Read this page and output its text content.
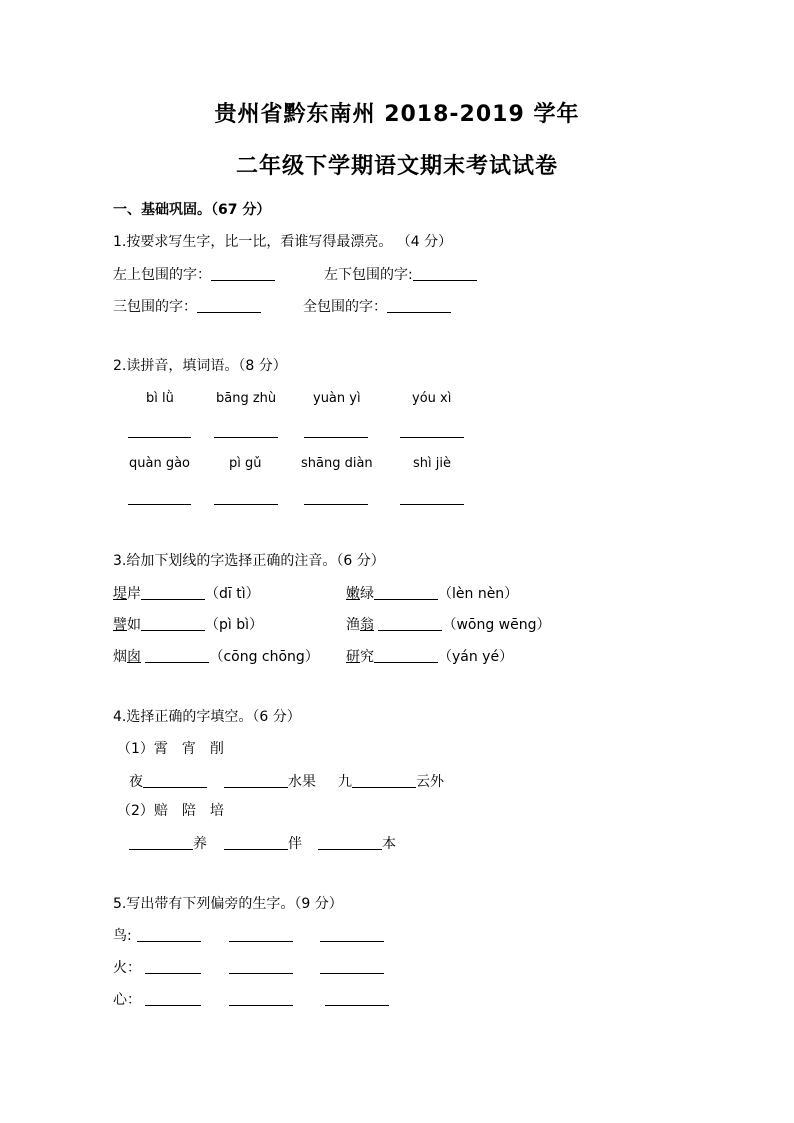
贵州省黔东南州 2018-2019 学年
二年级下学期语文期末考试试卷
一、基础巩固。（67 分）
1.按要求写生字，比一比，看谁写得最漂亮。 （4 分）
左上包围的字：	左下包围的字:
三包围的字：	全包围的字：
2.读拼音，填词语。（8 分）
bì lǜ	bāng zhù	yuàn yì	yóu xì
quàn gào	pì gǔ	shāng diàn	shì jiè
3.给加下划线的字选择正确的注音。（6 分）
堤岸	（dī tì）	嫩绿	（lèn nèn）
譬如	（pì bì）	渔翁	（wōng wēng）
烟囱	（cōng chōng） 研究	（yán yé）
4.选择正确的字填空。（6 分）
（1）霄　宵　削
夜	水果 九	云外
（2）赔　陪　培
养	伴	本
5.写出带有下列偏旁的生字。（9 分）
鸟:
火：
心：
